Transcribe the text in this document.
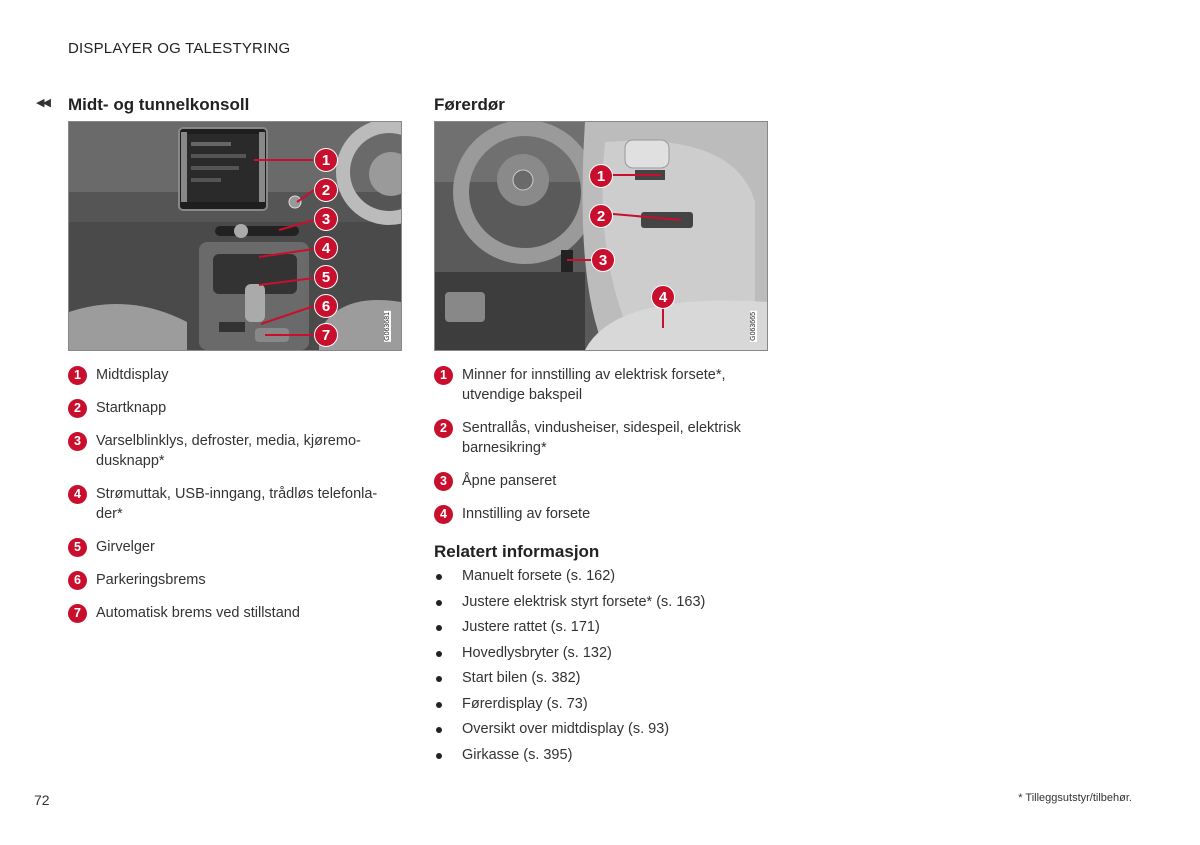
DISPLAYER OG TALESTYRING
◀◀ Midt- og tunnelkonsoll
1
2
3
4
5
6
7	G063681
1	Midtdisplay
2	Startknapp
3	Varselblinklys, defroster, media, kjøremo-dusknapp*
4	Strømuttak, USB-inngang, trådløs telefonla-der*
5	Girvelger
6	Parkeringsbrems
7	Automatisk brems ved stillstand
Førerdør
1
2
3
4
G063665
1	Minner for innstilling av elektrisk forsete*, utvendige bakspeil
2	Sentrallås, vindusheiser, sidespeil, elektrisk barnesikring*
3	Åpne panseret
4	Innstilling av forsete
Relatert informasjon
Manuelt forsete (s. 162)
Justere elektrisk styrt forsete* (s. 163)
Justere rattet (s. 171)
Hovedlysbryter (s. 132)
Start bilen (s. 382)
Førerdisplay (s. 73)
Oversikt over midtdisplay (s. 93)
Girkasse (s. 395)
72	* Tilleggsutstyr/tilbehør.
